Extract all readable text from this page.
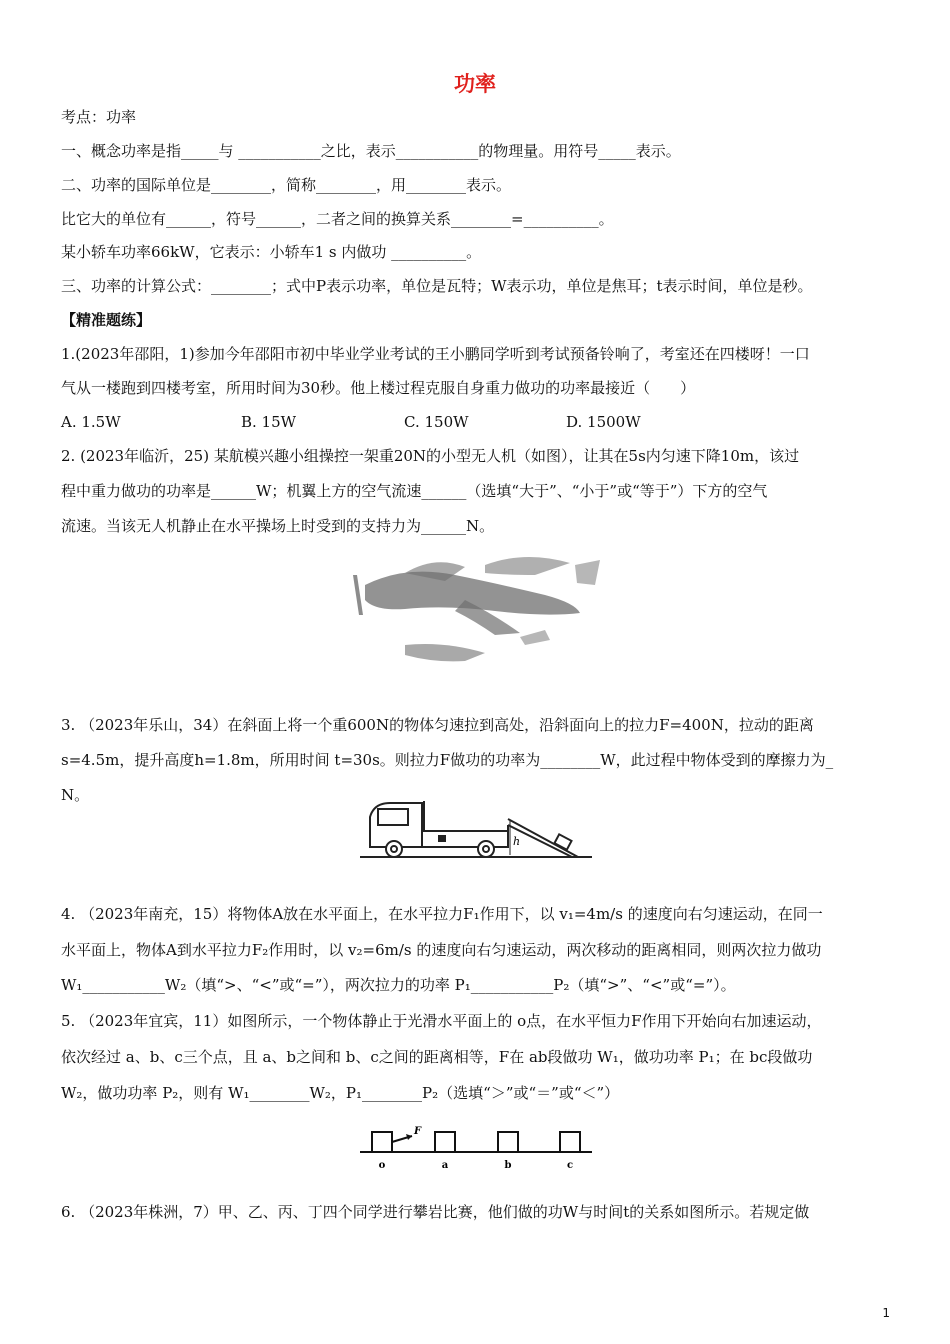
功率
考点：功率
一、概念功率是指_____与 ___________之比，表示___________的物理量。用符号_____表示。
二、功率的国际单位是________，简称________，用________表示。
比它大的单位有______，符号______，二者之间的换算关系________=__________。
某小轿车功率66kW，它表示：小轿车1 s 内做功 __________。
三、功率的计算公式：________；式中P表示功率，单位是瓦特；W表示功，单位是焦耳；t表示时间，单位是秒。
【精准题练】
1.(2023年邵阳，1)参加今年邵阳市初中毕业学业考试的王小鹏同学听到考试预备铃响了，考室还在四楼呀！一口
气从一楼跑到四楼考室，所用时间为30秒。他上楼过程克服自身重力做功的功率最接近（　　）
A. 1.5W	B. 15W	C. 150W	D. 1500W
2. (2023年临沂，25) 某航模兴趣小组操控一架重20N的小型无人机（如图），让其在5s内匀速下降10m，该过
程中重力做功的功率是______W；机翼上方的空气流速______（选填“大于”、“小于”或“等于”）下方的空气
流速。当该无人机静止在水平操场上时受到的支持力为______N。
3. （2023年乐山，34）在斜面上将一个重600N的物体匀速拉到高处，沿斜面向上的拉力F=400N，拉动的距离
s=4.5m，提升高度h=1.8m，所用时间 t=30s。则拉力F做功的功率为________W，此过程中物体受到的摩擦力为_
N。
h
4. （2023年南充，15）将物体A放在水平面上，在水平拉力F₁作用下，以 v₁=4m/s 的速度向右匀速运动，在同一
水平面上，物体A到水平拉力F₂作用时，以 v₂=6m/s 的速度向右匀速运动，两次移动的距离相同，则两次拉力做功
W₁___________W₂（填“>、“<”或“=”），两次拉力的功率 P₁___________P₂（填“>”、“<”或“=”）。
5. （2023年宜宾，11）如图所示，一个物体静止于光滑水平面上的 o点，在水平恒力F作用下开始向右加速运动，
依次经过 a、b、c三个点，且 a、b之间和 b、c之间的距离相等，F在 ab段做功 W₁，做功功率 P₁；在 bc段做功
W₂，做功功率 P₂，则有 W₁________W₂，P₁________P₂（选填“＞”或“＝”或“＜”）
F
o	a	b	c
6. （2023年株洲，7）甲、乙、丙、丁四个同学进行攀岩比赛，他们做的功W与时间t的关系如图所示。若规定做
1
